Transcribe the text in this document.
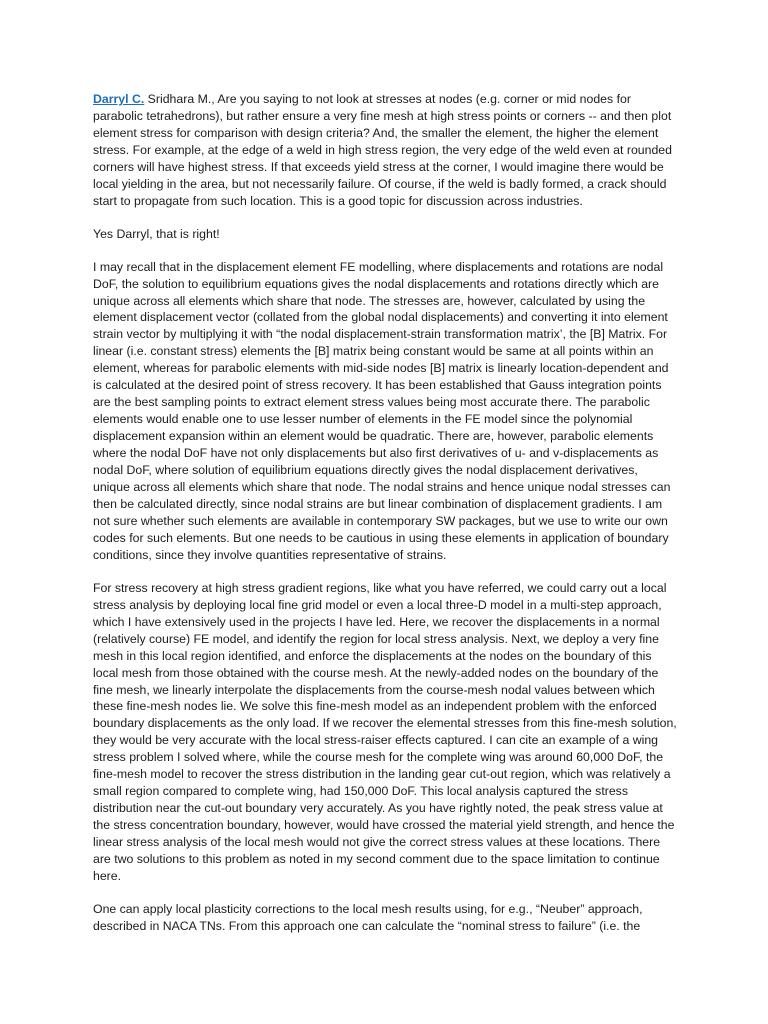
Darryl C. Sridhara M., Are you saying to not look at stresses at nodes (e.g. corner or mid nodes for parabolic tetrahedrons), but rather ensure a very fine mesh at high stress points or corners -- and then plot element stress for comparison with design criteria? And, the smaller the element, the higher the element stress. For example, at the edge of a weld in high stress region, the very edge of the weld even at rounded corners will have highest stress. If that exceeds yield stress at the corner, I would imagine there would be local yielding in the area, but not necessarily failure. Of course, if the weld is badly formed, a crack should start to propagate from such location. This is a good topic for discussion across industries.

Yes Darryl, that is right!

I may recall that in the displacement element FE modelling, where displacements and rotations are nodal DoF, the solution to equilibrium equations gives the nodal displacements and rotations directly which are unique across all elements which share that node. The stresses are, however, calculated by using the element displacement vector (collated from the global nodal displacements) and converting it into element strain vector by multiplying it with “the nodal displacement-strain transformation matrix’, the [B] Matrix. For linear (i.e. constant stress) elements the [B] matrix being constant would be same at all points within an element, whereas for parabolic elements with mid-side nodes [B] matrix is linearly location-dependent and is calculated at the desired point of stress recovery. It has been established that Gauss integration points are the best sampling points to extract element stress values being most accurate there. The parabolic elements would enable one to use lesser number of elements in the FE model since the polynomial displacement expansion within an element would be quadratic. There are, however, parabolic elements where the nodal DoF have not only displacements but also first derivatives of u- and v-displacements as nodal DoF, where solution of equilibrium equations directly gives the nodal displacement derivatives, unique across all elements which share that node. The nodal strains and hence unique nodal stresses can then be calculated directly, since nodal strains are but linear combination of displacement gradients. I am not sure whether such elements are available in contemporary SW packages, but we use to write our own codes for such elements. But one needs to be cautious in using these elements in application of boundary conditions, since they involve quantities representative of strains.

For stress recovery at high stress gradient regions, like what you have referred, we could carry out a local stress analysis by deploying local fine grid model or even a local three-D model in a multi-step approach, which I have extensively used in the projects I have led. Here, we recover the displacements in a normal (relatively course) FE model, and identify the region for local stress analysis. Next, we deploy a very fine mesh in this local region identified, and enforce the displacements at the nodes on the boundary of this local mesh from those obtained with the course mesh. At the newly-added nodes on the boundary of the fine mesh, we linearly interpolate the displacements from the course-mesh nodal values between which these fine-mesh nodes lie. We solve this fine-mesh model as an independent problem with the enforced boundary displacements as the only load. If we recover the elemental stresses from this fine-mesh solution, they would be very accurate with the local stress-raiser effects captured. I can cite an example of a wing stress problem I solved where, while the course mesh for the complete wing was around 60,000 DoF, the fine-mesh model to recover the stress distribution in the landing gear cut-out region, which was relatively a small region compared to complete wing, had 150,000 DoF. This local analysis captured the stress distribution near the cut-out boundary very accurately. As you have rightly noted, the peak stress value at the stress concentration boundary, however, would have crossed the material yield strength, and hence the linear stress analysis of the local mesh would not give the correct stress values at these locations. There are two solutions to this problem as noted in my second comment due to the space limitation to continue here.

One can apply local plasticity corrections to the local mesh results using, for e.g., “Neuber” approach, described in NACA TNs. From this approach one can calculate the “nominal stress to failure” (i.e. the
